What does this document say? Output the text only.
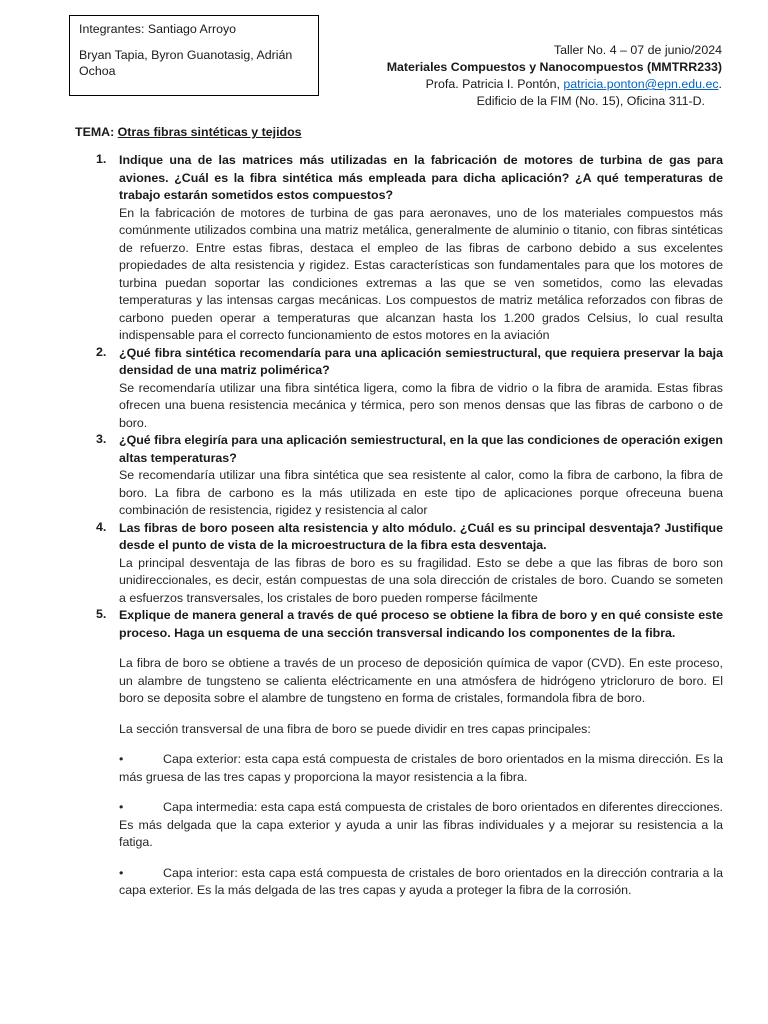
Integrantes: Santiago Arroyo

Bryan Tapia, Byron Guanotasig, Adrián Ochoa

Taller No. 4 – 07 de junio/2024
Materiales Compuestos y Nanocompuestos (MMTRR233)
Profa. Patricia I. Pontón, patricia.ponton@epn.edu.ec.
Edificio de la FIM (No. 15), Oficina 311-D.
TEMA: Otras fibras sintéticas y tejidos
1. Indique una de las matrices más utilizadas en la fabricación de motores de turbina de gas para aviones. ¿Cuál es la fibra sintética más empleada para dicha aplicación? ¿A qué temperaturas de trabajo estarán sometidos estos compuestos?
En la fabricación de motores de turbina de gas para aeronaves, uno de los materiales compuestos más comúnmente utilizados combina una matriz metálica, generalmente de aluminio o titanio, con fibras sintéticas de refuerzo. Entre estas fibras, destaca el empleo de las fibras de carbono debido a sus excelentes propiedades de alta resistencia y rigidez. Estas características son fundamentales para que los motores de turbina puedan soportar las condiciones extremas a las que se ven sometidos, como las elevadas temperaturas y las intensas cargas mecánicas. Los compuestos de matriz metálica reforzados con fibras de carbono pueden operar a temperaturas que alcanzan hasta los 1.200 grados Celsius, lo cual resulta indispensable para el correcto funcionamiento de estos motores en la aviación
2. ¿Qué fibra sintética recomendaría para una aplicación semiestructural, que requiera preservar la baja densidad de una matriz polimérica?
Se recomendaría utilizar una fibra sintética ligera, como la fibra de vidrio o la fibra de aramida. Estas fibras ofrecen una buena resistencia mecánica y térmica, pero son menos densas que las fibras de carbono o de boro.
3. ¿Qué fibra elegiría para una aplicación semiestructural, en la que las condiciones de operación exigen altas temperaturas?
Se recomendaría utilizar una fibra sintética que sea resistente al calor, como la fibra de carbono, la fibra de boro. La fibra de carbono es la más utilizada en este tipo de aplicaciones porque ofreceuna buena combinación de resistencia, rigidez y resistencia al calor
4. Las fibras de boro poseen alta resistencia y alto módulo. ¿Cuál es su principal desventaja? Justifique desde el punto de vista de la microestructura de la fibra esta desventaja.
La principal desventaja de las fibras de boro es su fragilidad. Esto se debe a que las fibras de boro son unidireccionales, es decir, están compuestas de una sola dirección de cristales de boro. Cuando se someten a esfuerzos transversales, los cristales de boro pueden romperse fácilmente
5. Explique de manera general a través de qué proceso se obtiene la fibra de boro y en qué consiste este proceso. Haga un esquema de una sección transversal indicando los componentes de la fibra.

La fibra de boro se obtiene a través de un proceso de deposición química de vapor (CVD). En este proceso, un alambre de tungsteno se calienta eléctricamente en una atmósfera de hidrógeno ytricloruro de boro. El boro se deposita sobre el alambre de tungsteno en forma de cristales, formandola fibra de boro.

La sección transversal de una fibra de boro se puede dividir en tres capas principales:

•	Capa exterior: esta capa está compuesta de cristales de boro orientados en la misma dirección. Es la más gruesa de las tres capas y proporciona la mayor resistencia a la fibra.
•	Capa intermedia: esta capa está compuesta de cristales de boro orientados en diferentes direcciones. Es más delgada que la capa exterior y ayuda a unir las fibras individuales y a mejorar su resistencia a la fatiga.
•	Capa interior: esta capa está compuesta de cristales de boro orientados en la dirección contraria a la capa exterior. Es la más delgada de las tres capas y ayuda a proteger la fibra de la corrosión.
